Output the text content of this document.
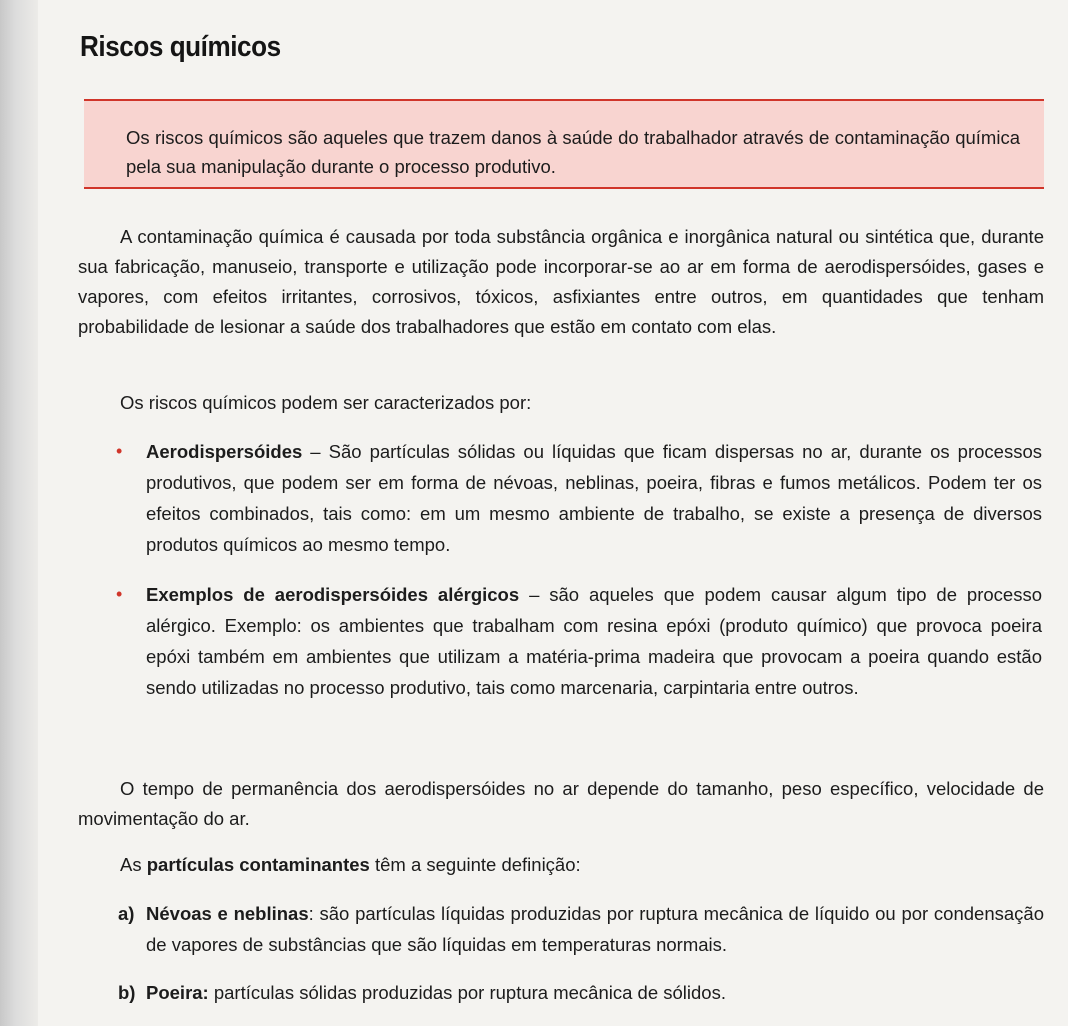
Riscos químicos

Os riscos químicos são aqueles que trazem danos à saúde do trabalhador através de contaminação química pela sua manipulação durante o processo produtivo.

A contaminação química é causada por toda substância orgânica e inorgânica natural ou sintética que, durante sua fabricação, manuseio, transporte e utilização pode incorporar-se ao ar em forma de aerodispersóides, gases e vapores, com efeitos irritantes, corrosivos, tóxicos, asfixiantes entre outros, em quantidades que tenham probabilidade de lesionar a saúde dos trabalhadores que estão em contato com elas.

Os riscos químicos podem ser caracterizados por:

• Aerodispersóides – São partículas sólidas ou líquidas que ficam dispersas no ar, durante os processos produtivos, que podem ser em forma de névoas, neblinas, poeira, fibras e fumos metálicos. Podem ter os efeitos combinados, tais como: em um mesmo ambiente de trabalho, se existe a presença de diversos produtos químicos ao mesmo tempo.
• Exemplos de aerodispersóides alérgicos – são aqueles que podem causar algum tipo de processo alérgico. Exemplo: os ambientes que trabalham com resina epóxi (produto químico) que provoca poeira epóxi também em ambientes que utilizam a matéria-prima madeira que provocam a poeira quando estão sendo utilizadas no processo produtivo, tais como marcenaria, carpintaria entre outros.

O tempo de permanência dos aerodispersóides no ar depende do tamanho, peso específico, velocidade de movimentação do ar.

As partículas contaminantes têm a seguinte definição:

a) Névoas e neblinas: são partículas líquidas produzidas por ruptura mecânica de líquido ou por condensação de vapores de substâncias que são líquidas em temperaturas normais.
b) Poeira: partículas sólidas produzidas por ruptura mecânica de sólidos.
